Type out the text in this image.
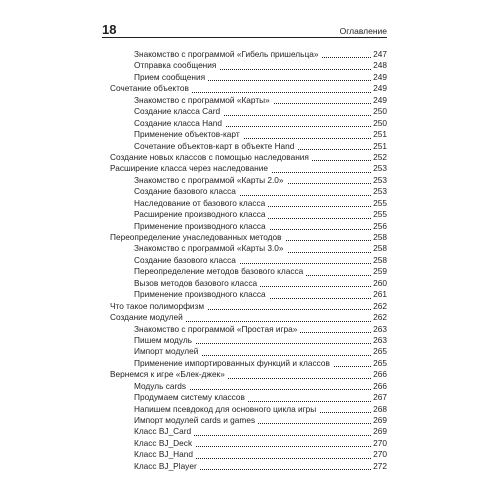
18	Оглавление
Знакомство с программой «Гибель пришельца»	247
Отправка сообщения	248
Прием сообщения	249
Сочетание объектов	249
Знакомство с программой «Карты»	249
Создание класса Card	250
Создание класса Hand	250
Применение объектов-карт	251
Сочетание объектов-карт в объекте Hand	251
Создание новых классов с помощью наследования	252
Расширение класса через наследование	253
Знакомство с программой «Карты 2.0»	253
Создание базового класса	253
Наследование от базового класса	255
Расширение производного класса	255
Применение производного класса	256
Переопределение унаследованных методов	258
Знакомство с программой «Карты 3.0»	258
Создание базового класса	258
Переопределение методов базового класса	259
Вызов методов базового класса	260
Применение производного класса	261
Что такое полиморфизм	262
Создание модулей	262
Знакомство с программой «Простая игра»	263
Пишем модуль	263
Импорт модулей	265
Применение импортированных функций и классов	265
Вернемся к игре «Блек-джек»	266
Модуль cards	266
Продумаем систему классов	267
Напишем псевдокод для основного цикла игры	268
Импорт модулей cards и games	269
Класс BJ_Card	269
Класс BJ_Deck	270
Класс BJ_Hand	270
Класс BJ_Player	272
